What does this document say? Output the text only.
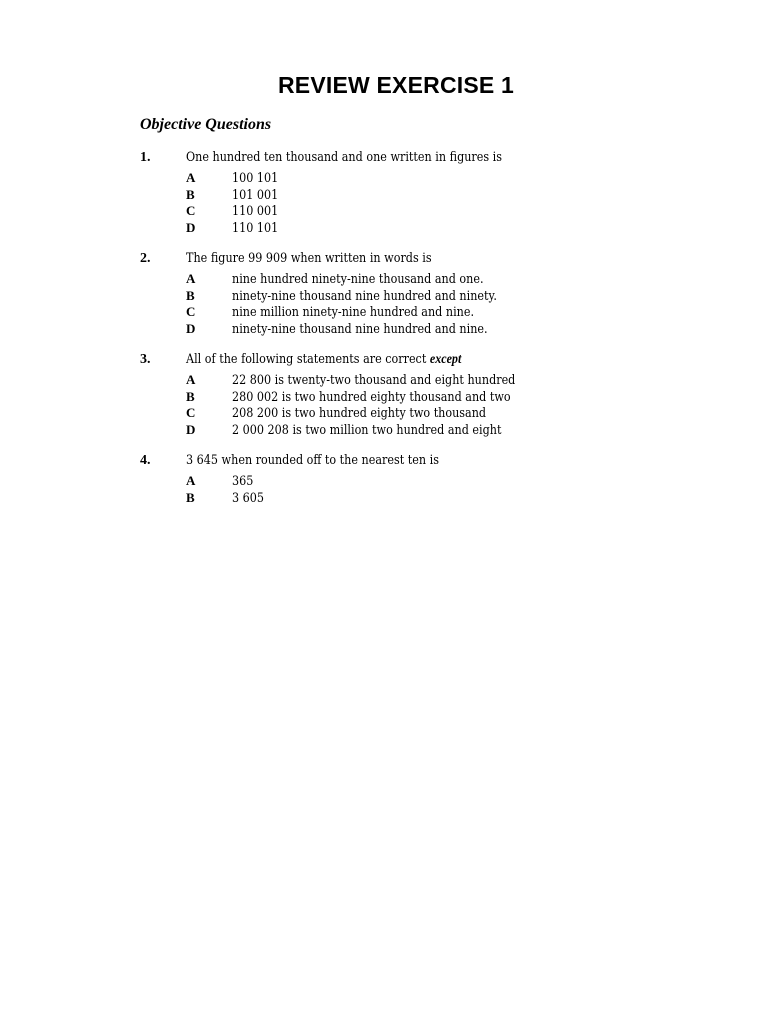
REVIEW EXERCISE 1
Objective Questions
1.	One hundred ten thousand and one written in figures is
A	100 101
B	101 001
C	110 001
D	110 101
2.	The figure 99 909 when written in words is
A	nine hundred ninety-nine thousand and one.
B	ninety-nine thousand nine hundred and ninety.
C	nine million ninety-nine hundred and nine.
D	ninety-nine thousand nine hundred and nine.
3.	All of the following statements are correct except
A	22 800 is twenty-two thousand and eight hundred
B	280 002 is two hundred eighty thousand and two
C	208 200 is two hundred eighty two thousand
D	2 000 208 is two million two hundred and eight
4.	3 645 when rounded off to the nearest ten is
A	365
B	3 605
